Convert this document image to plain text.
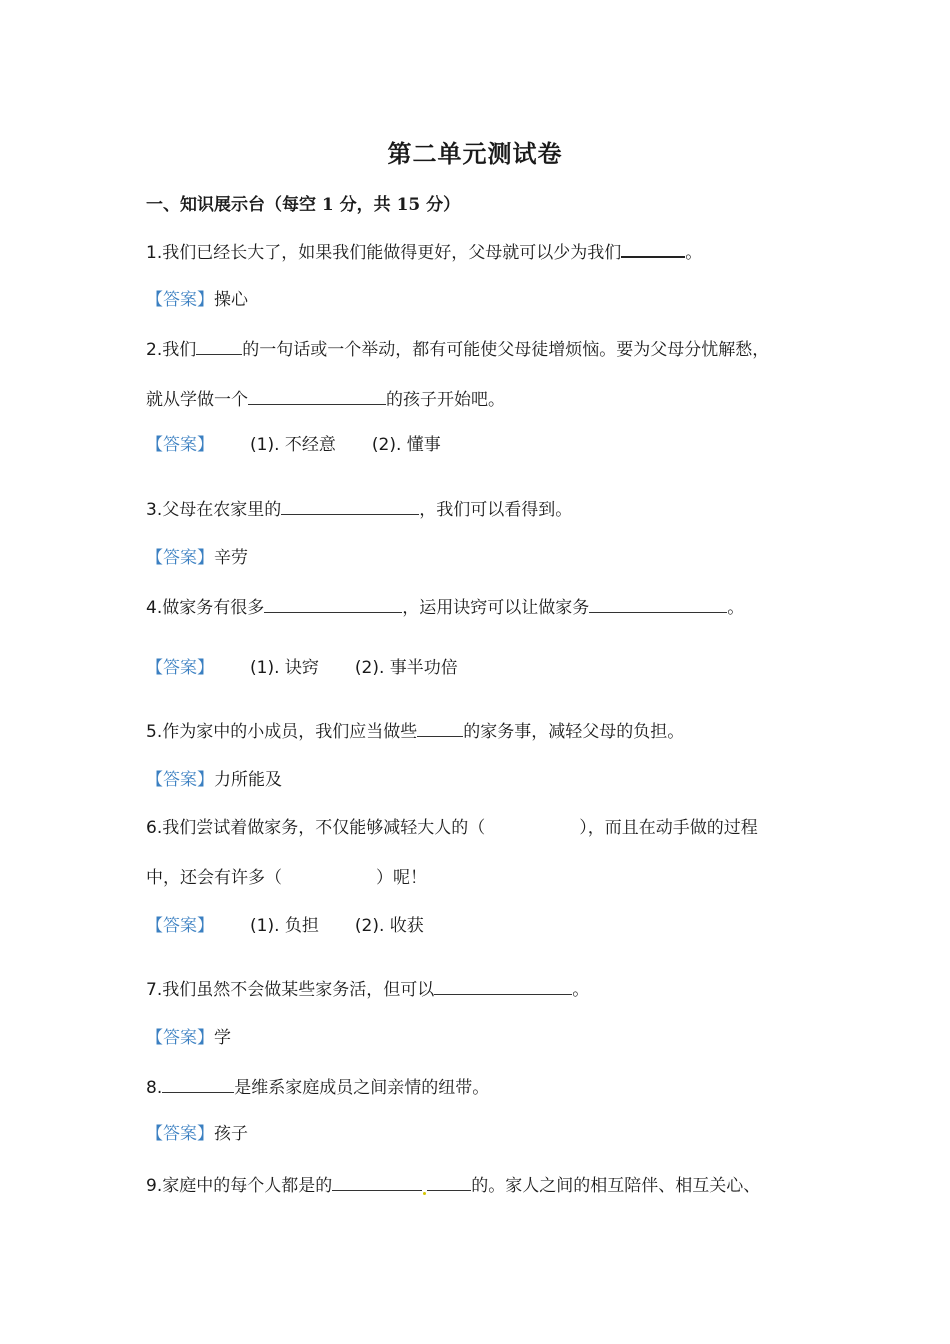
第二单元测试卷
一、知识展示台（每空 1 分，共 15 分）
1.我们已经长大了，如果我们能做得更好，父母就可以少为我们	。
【答案】操心
2.我们	的一句话或一个举动，都有可能使父母徒增烦恼。要为父母分忧解愁，
就从学做一个	的孩子开始吧。
【答案】 (1). 不经意 (2). 懂事
3.父母在农家里的	，我们可以看得到。
【答案】辛劳
4.做家务有很多	，运用诀窍可以让做家务	。
【答案】 (1). 诀窍 (2). 事半功倍
5.作为家中的小成员，我们应当做些	的家务事，减轻父母的负担。
【答案】力所能及
6.我们尝试着做家务，不仅能够减轻大人的（	），而且在动手做的过程
中，还会有许多（	）呢！
【答案】 (1). 负担 (2). 收获
7.我们虽然不会做某些家务活，但可以	。
【答案】学
8.	是维系家庭成员之间亲情的纽带。
【答案】孩子
9.家庭中的每个人都是的	的。家人之间的相互陪伴、相互关心、
